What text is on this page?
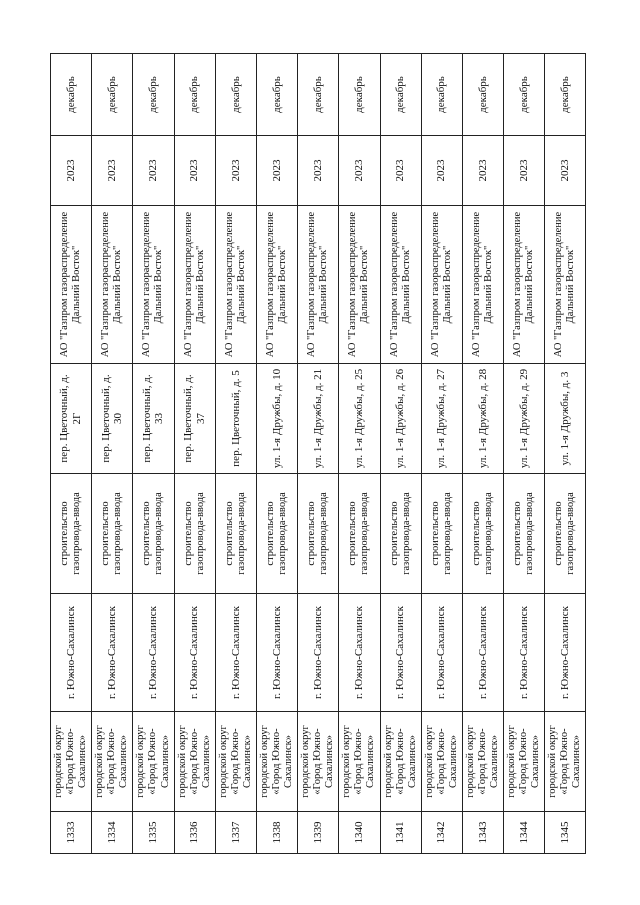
1333	городской округ «Город Южно-Сахалинск»	г. Южно-Сахалинск	строительство газопровода-ввода	пер. Цветочный, д. 2Г	АО "Газпром газораспределение Дальний Восток"	2023	декабрь
1334	городской округ «Город Южно-Сахалинск»	г. Южно-Сахалинск	строительство газопровода-ввода	пер. Цветочный, д. 30	АО "Газпром газораспределение Дальний Восток"	2023	декабрь
1335	городской округ «Город Южно-Сахалинск»	г. Южно-Сахалинск	строительство газопровода-ввода	пер. Цветочный, д. 33	АО "Газпром газораспределение Дальний Восток"	2023	декабрь
1336	городской округ «Город Южно-Сахалинск»	г. Южно-Сахалинск	строительство газопровода-ввода	пер. Цветочный, д. 37	АО "Газпром газораспределение Дальний Восток"	2023	декабрь
1337	городской округ «Город Южно-Сахалинск»	г. Южно-Сахалинск	строительство газопровода-ввода	пер. Цветочный, д. 5	АО "Газпром газораспределение Дальний Восток"	2023	декабрь
1338	городской округ «Город Южно-Сахалинск»	г. Южно-Сахалинск	строительство газопровода-ввода	ул. 1-я Дружбы, д. 10	АО "Газпром газораспределение Дальний Восток"	2023	декабрь
1339	городской округ «Город Южно-Сахалинск»	г. Южно-Сахалинск	строительство газопровода-ввода	ул. 1-я Дружбы, д. 21	АО "Газпром газораспределение Дальний Восток"	2023	декабрь
1340	городской округ «Город Южно-Сахалинск»	г. Южно-Сахалинск	строительство газопровода-ввода	ул. 1-я Дружбы, д. 25	АО "Газпром газораспределение Дальний Восток"	2023	декабрь
1341	городской округ «Город Южно-Сахалинск»	г. Южно-Сахалинск	строительство газопровода-ввода	ул. 1-я Дружбы, д. 26	АО "Газпром газораспределение Дальний Восток"	2023	декабрь
1342	городской округ «Город Южно-Сахалинск»	г. Южно-Сахалинск	строительство газопровода-ввода	ул. 1-я Дружбы, д. 27	АО "Газпром газораспределение Дальний Восток"	2023	декабрь
1343	городской округ «Город Южно-Сахалинск»	г. Южно-Сахалинск	строительство газопровода-ввода	ул. 1-я Дружбы, д. 28	АО "Газпром газораспределение Дальний Восток"	2023	декабрь
1344	городской округ «Город Южно-Сахалинск»	г. Южно-Сахалинск	строительство газопровода-ввода	ул. 1-я Дружбы, д. 29	АО "Газпром газораспределение Дальний Восток"	2023	декабрь
1345	городской округ «Город Южно-Сахалинск»	г. Южно-Сахалинск	строительство газопровода-ввода	ул. 1-я Дружбы, д. 3	АО "Газпром газораспределение Дальний Восток"	2023	декабрь
